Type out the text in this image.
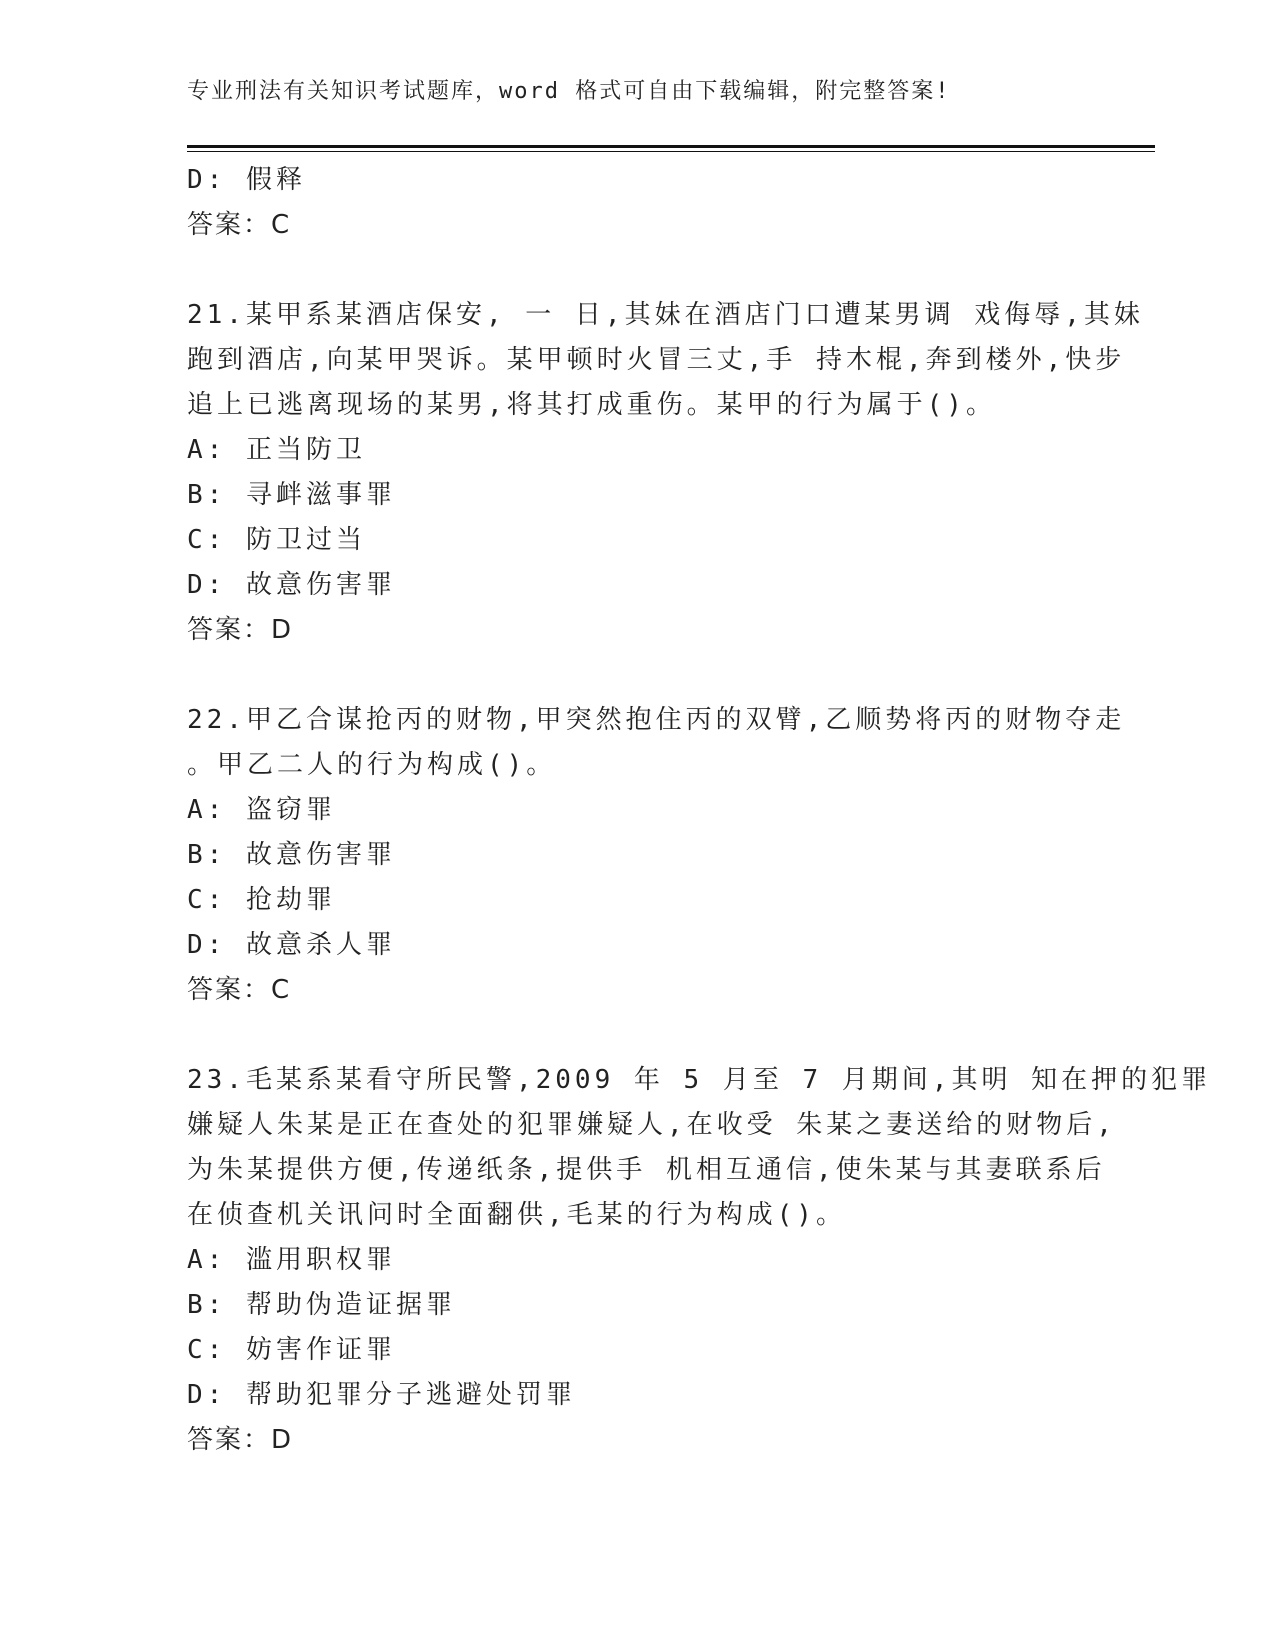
专业刑法有关知识考试题库，word 格式可自由下载编辑，附完整答案!
D: 假释
答案：C
21.某甲系某酒店保安, 一 日,其妹在酒店门口遭某男调 戏侮辱,其妹
跑到酒店,向某甲哭诉。某甲顿时火冒三丈,手 持木棍,奔到楼外,快步
追上已逃离现场的某男,将其打成重伤。某甲的行为属于()。
A: 正当防卫
B: 寻衅滋事罪
C: 防卫过当
D: 故意伤害罪
答案：D
22.甲乙合谋抢丙的财物,甲突然抱住丙的双臂,乙顺势将丙的财物夺走
。甲乙二人的行为构成()。
A: 盗窃罪
B: 故意伤害罪
C: 抢劫罪
D: 故意杀人罪
答案：C
23.毛某系某看守所民警,2009 年 5 月至 7 月期间,其明 知在押的犯罪
嫌疑人朱某是正在查处的犯罪嫌疑人,在收受 朱某之妻送给的财物后,
为朱某提供方便,传递纸条,提供手 机相互通信,使朱某与其妻联系后
在侦查机关讯问时全面翻供,毛某的行为构成()。
A: 滥用职权罪
B: 帮助伪造证据罪
C: 妨害作证罪
D: 帮助犯罪分子逃避处罚罪
答案：D
